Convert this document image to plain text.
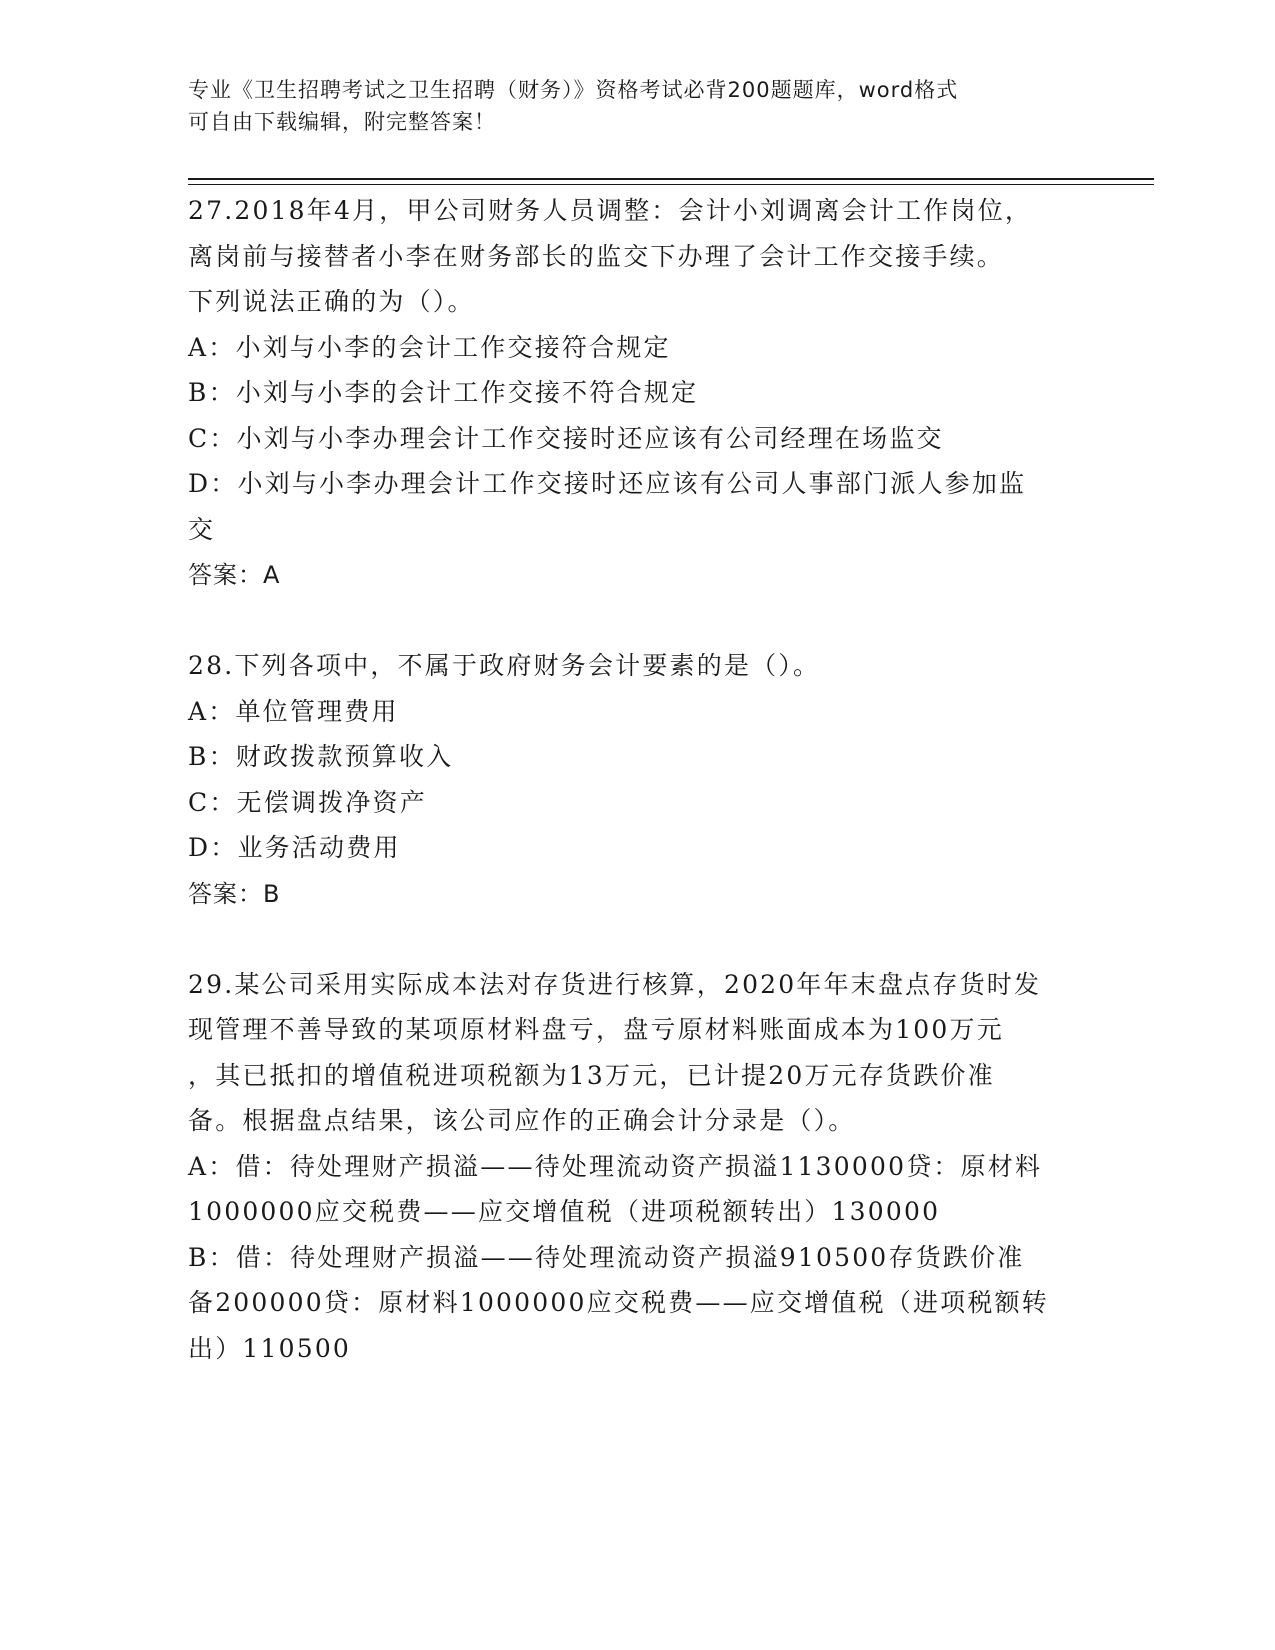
专业《卫生招聘考试之卫生招聘（财务）》资格考试必背200题题库，word格式
可自由下载编辑，附完整答案！
27.2018年4月，甲公司财务人员调整：会计小刘调离会计工作岗位，
离岗前与接替者小李在财务部长的监交下办理了会计工作交接手续。
下列说法正确的为（）。
A：小刘与小李的会计工作交接符合规定
B：小刘与小李的会计工作交接不符合规定
C：小刘与小李办理会计工作交接时还应该有公司经理在场监交
D：小刘与小李办理会计工作交接时还应该有公司人事部门派人参加监
交
答案：A
28.下列各项中，不属于政府财务会计要素的是（）。
A：单位管理费用
B：财政拨款预算收入
C：无偿调拨净资产
D：业务活动费用
答案：B
29.某公司采用实际成本法对存货进行核算，2020年年末盘点存货时发
现管理不善导致的某项原材料盘亏，盘亏原材料账面成本为100万元
，其已抵扣的增值税进项税额为13万元，已计提20万元存货跌价准
备。根据盘点结果，该公司应作的正确会计分录是（）。
A：借：待处理财产损溢——待处理流动资产损溢1130000贷：原材料
1000000应交税费——应交增值税（进项税额转出）130000
B：借：待处理财产损溢——待处理流动资产损溢910500存货跌价准
备200000贷：原材料1000000应交税费——应交增值税（进项税额转
出）110500
